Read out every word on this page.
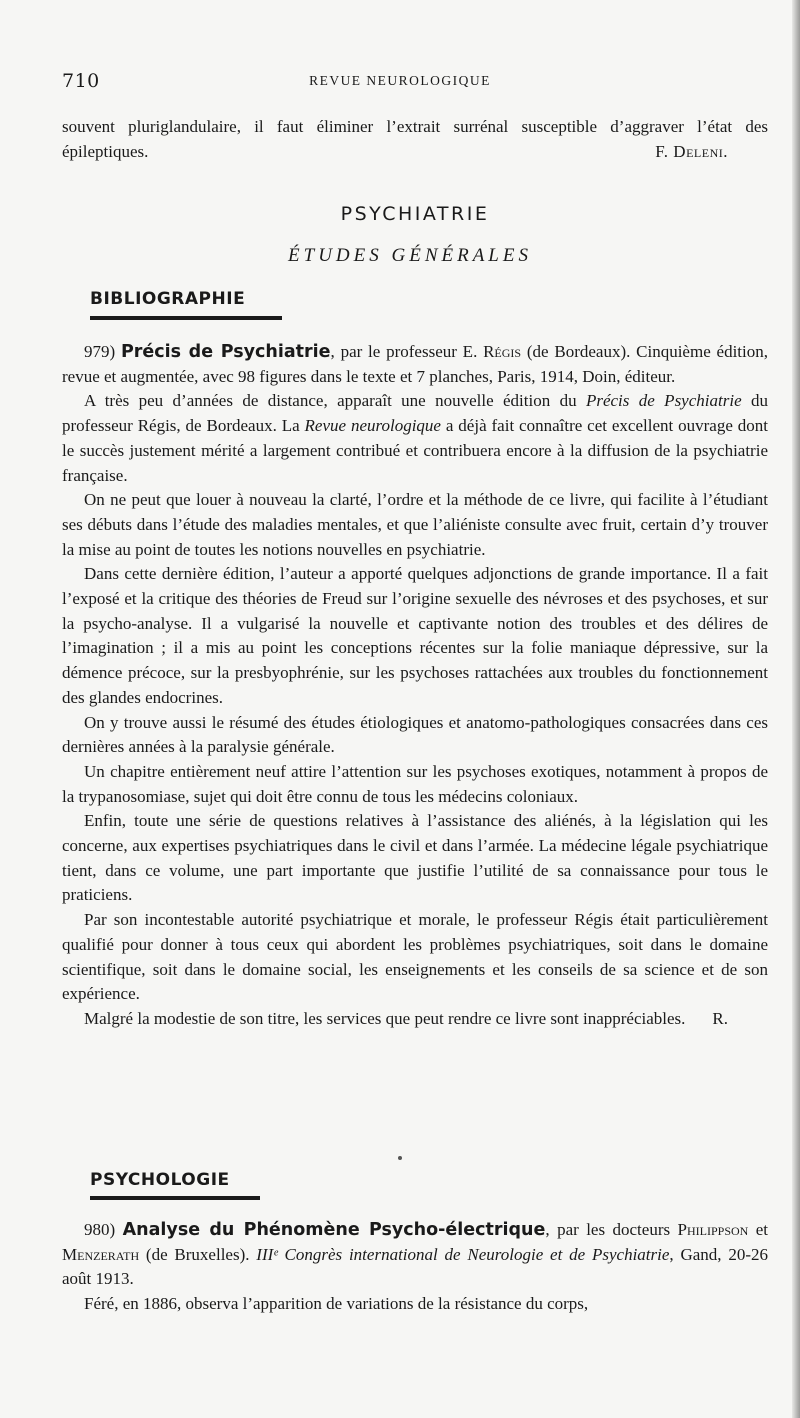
710	REVUE NEUROLOGIQUE

souvent pluriglandulaire, il faut éliminer l’extrait surrénal susceptible d’aggraver l’état des épileptiques.	F. Deleni.

PSYCHIATRIE
ÉTUDES GÉNÉRALES
BIBLIOGRAPHIE

979) Précis de Psychiatrie, par le professeur E. Régis (de Bordeaux). Cinquième édition, revue et augmentée, avec 98 figures dans le texte et 7 planches, Paris, 1914, Doin, éditeur.

A très peu d’années de distance, apparaît une nouvelle édition du Précis de Psychiatrie du professeur Régis, de Bordeaux. La Revue neurologique a déjà fait connaître cet excellent ouvrage dont le succès justement mérité a largement contribué et contribuera encore à la diffusion de la psychiatrie française.

On ne peut que louer à nouveau la clarté, l’ordre et la méthode de ce livre, qui facilite à l’étudiant ses débuts dans l’étude des maladies mentales, et que l’aliéniste consulte avec fruit, certain d’y trouver la mise au point de toutes les notions nouvelles en psychiatrie.

Dans cette dernière édition, l’auteur a apporté quelques adjonctions de grande importance. Il a fait l’exposé et la critique des théories de Freud sur l’origine sexuelle des névroses et des psychoses, et sur la psycho-analyse. Il a vulgarisé la nouvelle et captivante notion des troubles et des délires de l’imagination ; il a mis au point les conceptions récentes sur la folie maniaque dépressive, sur la démence précoce, sur la presbyophrénie, sur les psychoses rattachées aux troubles du fonctionnement des glandes endocrines.

On y trouve aussi le résumé des études étiologiques et anatomo-pathologiques consacrées dans ces dernières années à la paralysie générale.

Un chapitre entièrement neuf attire l’attention sur les psychoses exotiques, notamment à propos de la trypanosomiase, sujet qui doit être connu de tous les médecins coloniaux.

Enfin, toute une série de questions relatives à l’assistance des aliénés, à la législation qui les concerne, aux expertises psychiatriques dans le civil et dans l’armée. La médecine légale psychiatrique tient, dans ce volume, une part importante que justifie l’utilité de sa connaissance pour tous le praticiens.

Par son incontestable autorité psychiatrique et morale, le professeur Régis était particulièrement qualifié pour donner à tous ceux qui abordent les problèmes psychiatriques, soit dans le domaine scientifique, soit dans le domaine social, les enseignements et les conseils de sa science et de son expérience.

Malgré la modestie de son titre, les services que peut rendre ce livre sont inappréciables.	R.

PSYCHOLOGIE

980) Analyse du Phénomène Psycho-électrique, par les docteurs Philippson et Menzerath (de Bruxelles). IIIᵉ Congrès international de Neurologie et de Psychiatrie, Gand, 20-26 août 1913.

Féré, en 1886, observa l’apparition de variations de la résistance du corps,
